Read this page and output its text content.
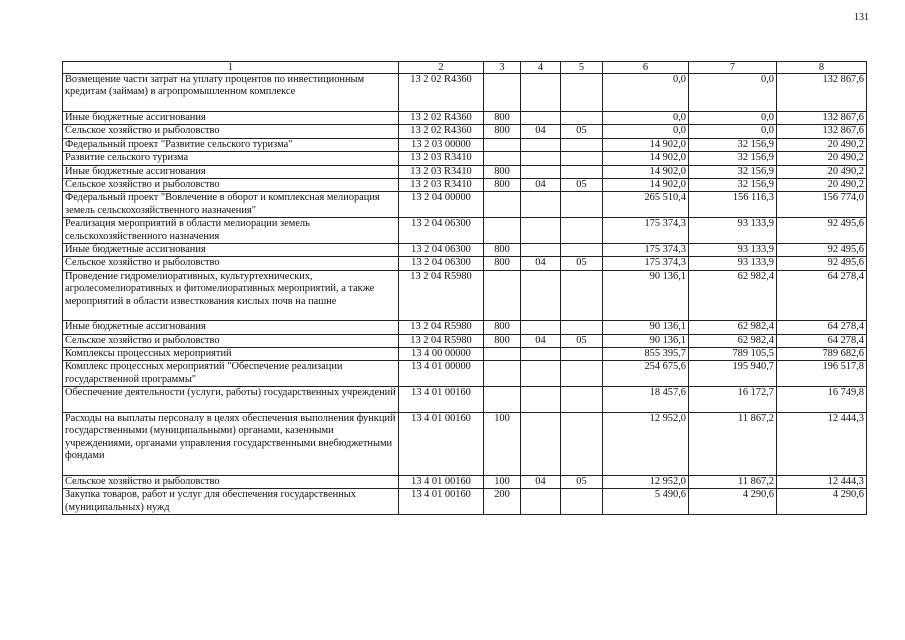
131
1	2	3	4	5	6	7	8
Возмещение части затрат на уплату процентов по инвестиционным кредитам (займам) в агропромышленном комплексе	13 2 02 R4360				0,0	0,0	132 867,6
Иные бюджетные ассигнования	13 2 02 R4360	800			0,0	0,0	132 867,6
Сельское хозяйство и рыболовство	13 2 02 R4360	800	04	05	0,0	0,0	132 867,6
Федеральный проект "Развитие сельского туризма"	13 2 03 00000				14 902,0	32 156,9	20 490,2
Развитие сельского туризма	13 2 03 R3410				14 902,0	32 156,9	20 490,2
Иные бюджетные ассигнования	13 2 03 R3410	800			14 902,0	32 156,9	20 490,2
Сельское хозяйство и рыболовство	13 2 03 R3410	800	04	05	14 902,0	32 156,9	20 490,2
Федеральный проект "Вовлечение в оборот и комплексная мелиорация земель сельскохозяйственного назначения"	13 2 04 00000				265 510,4	156 116,3	156 774,0
Реализация мероприятий в области мелиорации земель сельскохозяйственного назначения	13 2 04 06300				175 374,3	93 133,9	92 495,6
Иные бюджетные ассигнования	13 2 04 06300	800			175 374,3	93 133,9	92 495,6
Сельское хозяйство и рыболовство	13 2 04 06300	800	04	05	175 374,3	93 133,9	92 495,6
Проведение гидромелиоративных, культуртехнических, агролесомелиоративных и фитомелиоративных мероприятий, а также мероприятий в области известкования кислых почв на пашне	13 2 04 R5980				90 136,1	62 982,4	64 278,4
Иные бюджетные ассигнования	13 2 04 R5980	800			90 136,1	62 982,4	64 278,4
Сельское хозяйство и рыболовство	13 2 04 R5980	800	04	05	90 136,1	62 982,4	64 278,4
Комплексы процессных мероприятий	13 4 00 00000				855 395,7	789 105,5	789 682,6
Комплекс процессных мероприятий "Обеспечение реализации государственной программы"	13 4 01 00000				254 675,6	195 940,7	196 517,8
Обеспечение деятельности (услуги, работы) государственных учреждений	13 4 01 00160				18 457,6	16 172,7	16 749,8
Расходы на выплаты персоналу в целях обеспечения выполнения функций государственными (муниципальными) органами, казенными учреждениями, органами управления государственными внебюджетными фондами	13 4 01 00160	100			12 952,0	11 867,2	12 444,3
Сельское хозяйство и рыболовство	13 4 01 00160	100	04	05	12 952,0	11 867,2	12 444,3
Закупка товаров, работ и услуг для обеспечения государственных (муниципальных) нужд	13 4 01 00160	200			5 490,6	4 290,6	4 290,6
